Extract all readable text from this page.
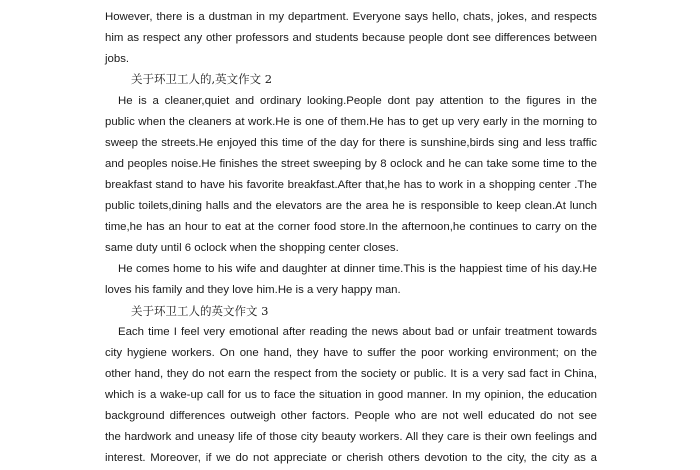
However, there is a dustman in my department. Everyone says hello, chats, jokes, and respects
him as respect any other professors and students because people dont see differences between
jobs.
关于环卫工人的,英文作文 2
He is a cleaner,quiet and ordinary looking.People dont pay attention to the figures in the
public when the cleaners at work.He is one of them.He has to get up very early in the morning to
sweep the streets.He enjoyed this time of the day for there is sunshine,birds sing and less traffic
and peoples noise.He finishes the street sweeping by 8 oclock and he can take some time to the
breakfast stand to have his favorite breakfast.After that,he has to work in a shopping center .The
public toilets,dining halls and the elevators are the area he is responsible to keep clean.At lunch
time,he has an hour to eat at the corner food store.In the afternoon,he continues to carry on the
same duty until 6 oclock when the shopping center closes.
He comes home to his wife and daughter at dinner time.This is the happiest time of his day.He
loves his family and they love him.He is a very happy man.
关于环卫工人的英文作文 3
Each time I feel very emotional after reading the news about bad or unfair treatment towards
city hygiene workers. On one hand, they have to suffer the poor working environment; on the
other hand, they do not earn the respect from the society or public. It is a very sad fact in China,
which is a wake-up call for us to face the situation in good manner. In my opinion, the education
background differences outweigh other factors. People who are not well educated do not see
the hardwork and uneasy life of those city beauty workers. All they care is their own feelings and
interest. Moreover, if we do not appreciate or cherish others devotion to the city, the city as a
